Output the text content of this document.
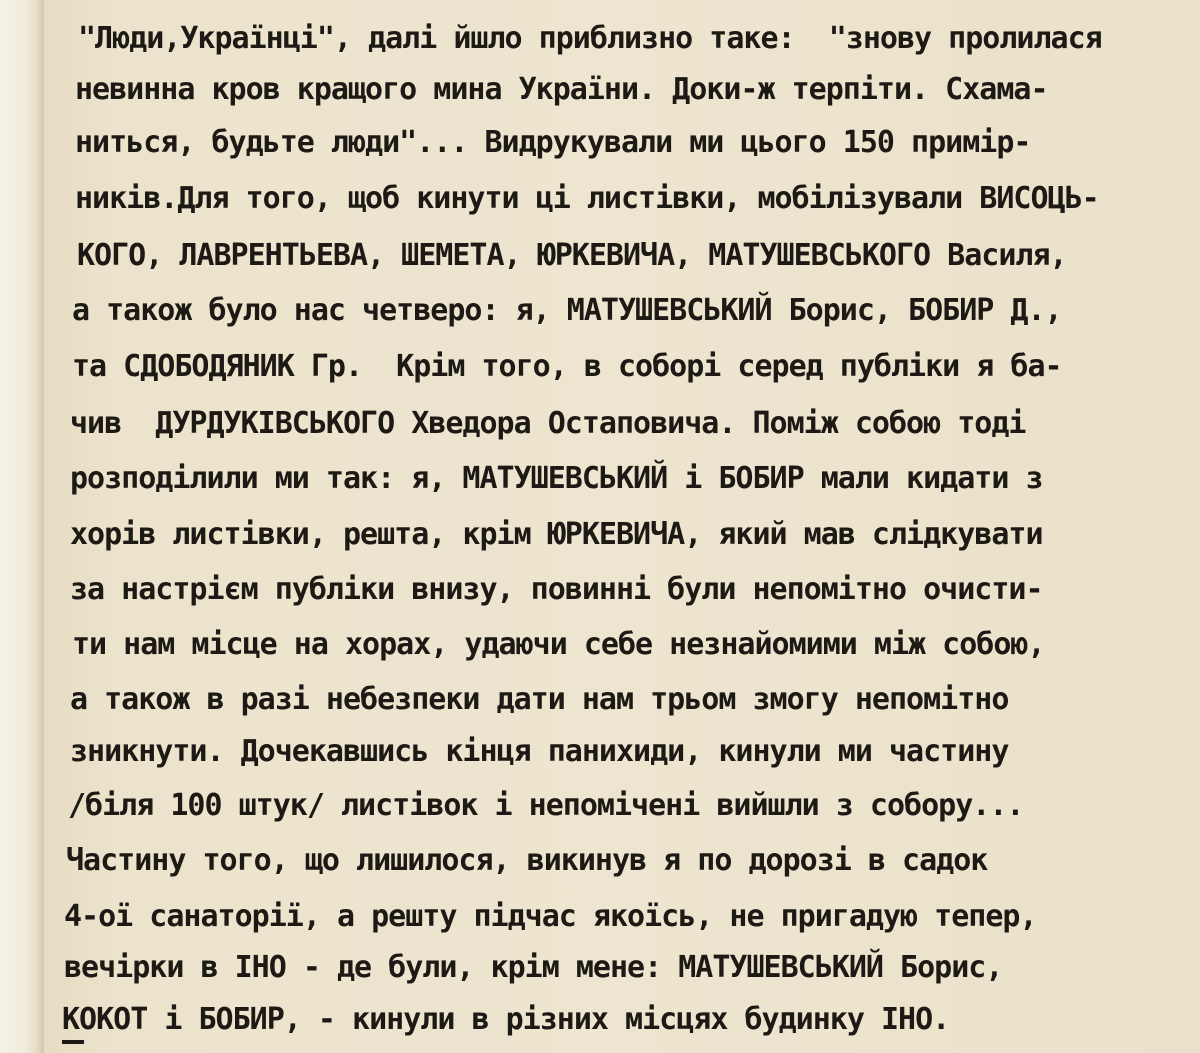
"Люди,Українці", далі йшло приблизно таке:  "знову пролилася
невинна кров кращого мина України. Доки-ж терпіти. Схама-
ниться, будьте люди"... Видрукували ми цього 150 примір-
ників.Для того, щоб кинути ці листівки, мобілізували ВИСОЦЬ-
КОГО, ЛАВРЕНТЬЕВА, ШЕМЕТА, ЮРКЕВИЧА, МАТУШЕВСЬКОГО Василя,
а також було нас четверо: я, МАТУШЕВСЬКИЙ Борис, БОБИР Д.,
та СДОБОДЯНИК Гр.  Крім того, в соборі серед публіки я ба-
чив  ДУРДУКІВСЬКОГО Хведора Остаповича. Поміж собою тоді
розподілили ми так: я, МАТУШЕВСЬКИЙ і БОБИР мали кидати з
хорів листівки, решта, крім ЮРКЕВИЧА, який мав слідкувати
за настрієм публіки внизу, повинні були непомітно очисти-
ти нам місце на хорах, удаючи себе незнайомими між собою,
а також в разі небезпеки дати нам трьом змогу непомітно
зникнути. Дочекавшись кінця панихиди, кинули ми частину
/біля 100 штук/ листівок і непомічені вийшли з собору...
Частину того, що лишилося, викинув я по дорозі в садок
4-ої санаторії, а решту підчас якоїсь, не пригадую тепер,
вечірки в ІНО - де були, крім мене: МАТУШЕВСЬКИЙ Борис,
КОКОТ і БОБИР, - кинули в різних місцях будинку ІНО.
